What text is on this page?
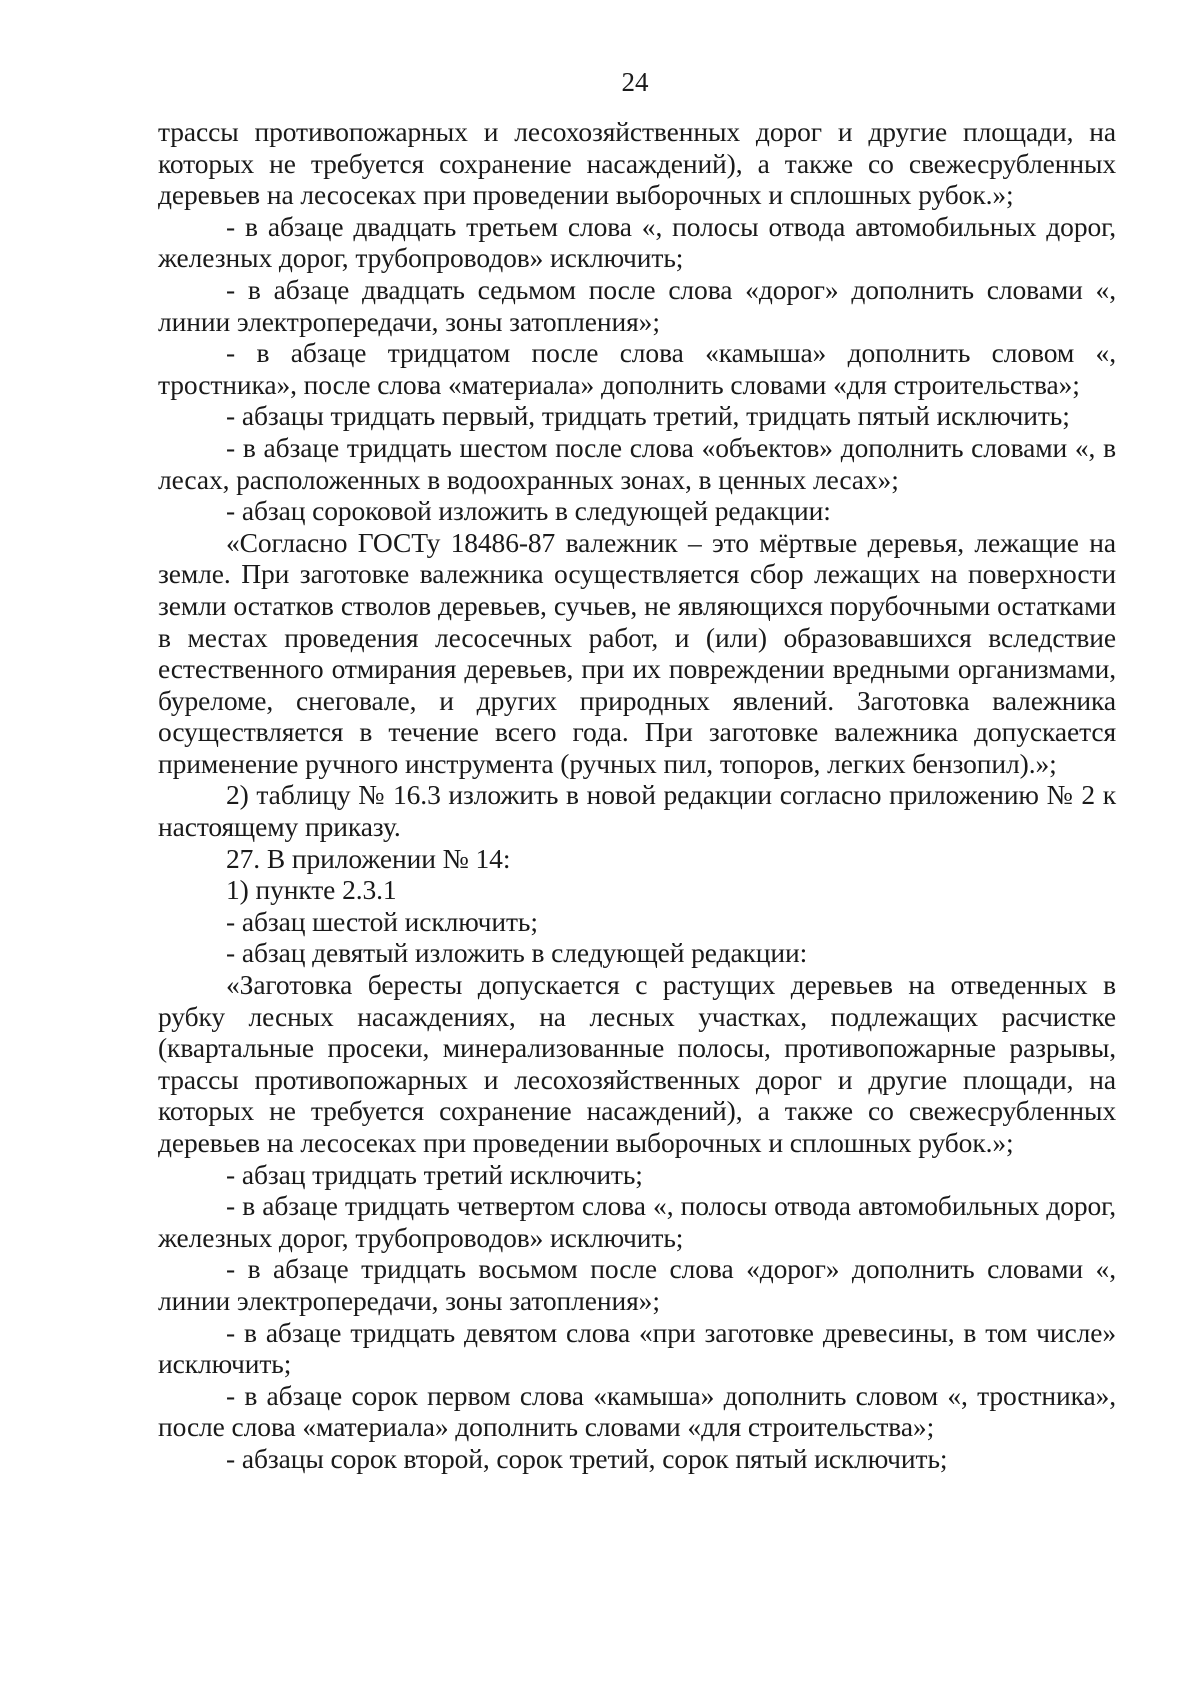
24

трассы противопожарных и лесохозяйственных дорог и другие площади, на которых не требуется сохранение насаждений), а также со свежесрубленных деревьев на лесосеках при проведении выборочных и сплошных рубок.»;

- в абзаце двадцать третьем слова «, полосы отвода автомобильных дорог, железных дорог, трубопроводов» исключить;

- в абзаце двадцать седьмом после слова «дорог» дополнить словами «, линии электропередачи, зоны затопления»;

- в абзаце тридцатом после слова «камыша» дополнить словом «, тростника», после слова «материала» дополнить словами «для строительства»;

- абзацы тридцать первый, тридцать третий, тридцать пятый исключить;

- в абзаце тридцать шестом после слова «объектов» дополнить словами «, в лесах, расположенных в водоохранных зонах, в ценных лесах»;

- абзац сороковой изложить в следующей редакции:

«Согласно ГОСТу 18486-87 валежник – это мёртвые деревья, лежащие на земле. При заготовке валежника осуществляется сбор лежащих на поверхности земли остатков стволов деревьев, сучьев, не являющихся порубочными остатками в местах проведения лесосечных работ, и (или) образовавшихся вследствие естественного отмирания деревьев, при их повреждении вредными организмами, буреломе, снеговале, и других природных явлений. Заготовка валежника осуществляется в течение всего года. При заготовке валежника допускается применение ручного инструмента (ручных пил, топоров, легких бензопил).»;

2) таблицу № 16.3 изложить в новой редакции согласно приложению № 2 к настоящему приказу.

27. В приложении № 14:

1) пункте 2.3.1

- абзац шестой исключить;

- абзац девятый изложить в следующей редакции:

«Заготовка бересты допускается с растущих деревьев на отведенных в рубку лесных насаждениях, на лесных участках, подлежащих расчистке (квартальные просеки, минерализованные полосы, противопожарные разрывы, трассы противопожарных и лесохозяйственных дорог и другие площади, на которых не требуется сохранение насаждений), а также со свежесрубленных деревьев на лесосеках при проведении выборочных и сплошных рубок.»;

- абзац тридцать третий исключить;

- в абзаце тридцать четвертом слова «, полосы отвода автомобильных дорог, железных дорог, трубопроводов» исключить;

- в абзаце тридцать восьмом после слова «дорог» дополнить словами «, линии электропередачи, зоны затопления»;

- в абзаце тридцать девятом слова «при заготовке древесины, в том числе» исключить;

- в абзаце сорок первом слова «камыша» дополнить словом «, тростника», после слова «материала» дополнить словами «для строительства»;

- абзацы сорок второй, сорок третий, сорок пятый исключить;
